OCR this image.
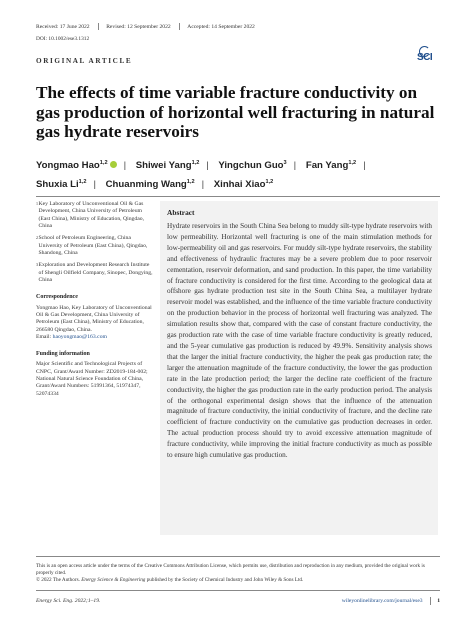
Received: 17 June 2022	Revised: 12 September 2022	Accepted: 14 September 2022
DOI: 10.1002/ese3.1312
ORIGINAL ARTICLE	SCI
The effects of time variable fracture conductivity on gas production of horizontal well fracturing in natural gas hydrate reservoirs
Yongmao Hao$^{1,2}$ | Shiwei Yang$^{1,2}$ | Yingchun Guo$^3$ | Fan Yang$^{1,2}$ |
Shuxia Li$^{1,2}$ | Chuanming Wang$^{1,2}$ | Xinhai Xiao$^{1,2}$
1 Key Laboratory of Unconventional Oil & Gas Development, China University of Petroleum (East China), Ministry of Education, Qingdao, China
2 School of Petroleum Engineering, China University of Petroleum (East China), Qingdao, Shandong, China
3 Exploration and Development Research Institute of Shengli Oilfield Company, Sinopec, Dongying, China
Correspondence
Yongmao Hao, Key Laboratory of Unconventional Oil & Gas Development, China University of Petroleum (East China), Ministry of Education, 266580 Qingdao, China.
Email: haoyongmao@163.com
Funding information
Major Scientific and Technological Projects of CNPC, Grant/Award Number: ZD2019-184-002; National Natural Science Foundation of China, Grant/Award Numbers: 51991364, 51974347, 52074334
Abstract
Hydrate reservoirs in the South China Sea belong to muddy silt-type hydrate reservoirs with low permeability. Horizontal well fracturing is one of the main stimulation methods for low-permeability oil and gas reservoirs. For muddy silt-type hydrate reservoirs, the stability and effectiveness of hydraulic fractures may be a severe problem due to poor reservoir cementation, reservoir deformation, and sand production. In this paper, the time variability of fracture conductivity is considered for the first time. According to the geological data at offshore gas hydrate production test site in the South China Sea, a multilayer hydrate reservoir model was established, and the influence of the time variable fracture conductivity on the production behavior in the process of horizontal well fracturing was analyzed. The simulation results show that, compared with the case of constant fracture conductivity, the gas production rate with the case of time variable fracture conductivity is greatly reduced, and the 5-year cumulative gas production is reduced by 49.9%. Sensitivity analysis shows that the larger the initial fracture conductivity, the higher the peak gas production rate; the larger the attenuation magnitude of the fracture conductivity, the lower the gas production rate in the late production period; the larger the decline rate coefficient of the fracture conductivity, the higher the gas production rate in the early production period. The analysis of the orthogonal experimental design shows that the influence of the attenuation magnitude of fracture conductivity, the initial conductivity of fracture, and the decline rate coefficient of fracture conductivity on the cumulative gas production decreases in order. The actual production process should try to avoid excessive attenuation magnitude of fracture conductivity, while improving the initial fracture conductivity as much as possible to ensure high cumulative gas production.
This is an open access article under the terms of the Creative Commons Attribution License, which permits use, distribution and reproduction in any medium, provided the original work is properly cited.
© 2022 The Authors. Energy Science & Engineering published by the Society of Chemical Industry and John Wiley & Sons Ltd.
Energy Sci. Eng. 2022;1–19.	wileyonlinelibrary.com/journal/ese3	1
